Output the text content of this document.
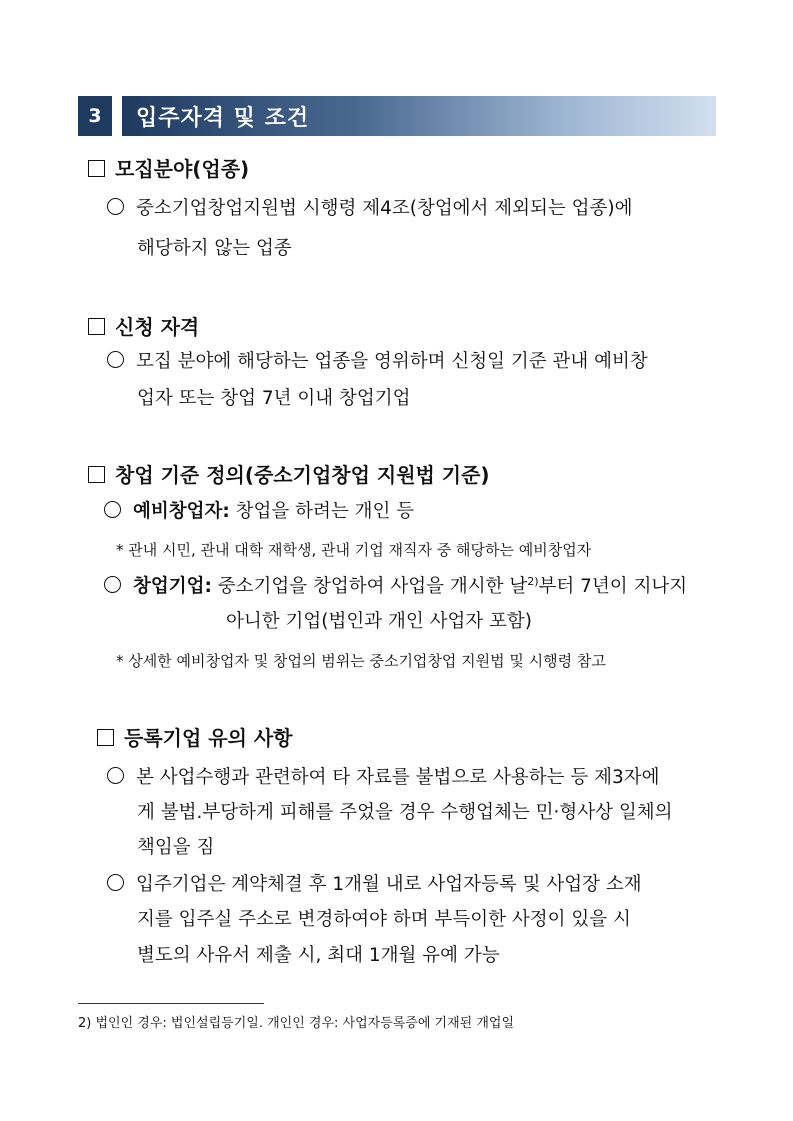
3	입주자격 및 조건
모집분야(업종)
중소기업창업지원법 시행령 제4조(창업에서 제외되는 업종)에
해당하지 않는 업종
신청 자격
모집 분야에 해당하는 업종을 영위하며 신청일 기준 관내 예비창
업자 또는 창업 7년 이내 창업기업
창업 기준 정의(중소기업창업 지원법 기준)
예비창업자: 창업을 하려는 개인 등
* 관내 시민, 관내 대학 재학생, 관내 기업 재직자 중 해당하는 예비창업자
창업기업: 중소기업을 창업하여 사업을 개시한 날$^{2)}$부터 7년이 지나지
아니한 기업(법인과 개인 사업자 포함)
* 상세한 예비창업자 및 창업의 범위는 중소기업창업 지원법 및 시행령 참고
등록기업 유의 사항
본 사업수행과 관련하여 타 자료를 불법으로 사용하는 등 제3자에
게 불법.부당하게 피해를 주었을 경우 수행업체는 민·형사상 일체의
책임을 짐
입주기업은 계약체결 후 1개월 내로 사업자등록 및 사업장 소재
지를 입주실 주소로 변경하여야 하며 부득이한 사정이 있을 시
별도의 사유서 제출 시, 최대 1개월 유예 가능
2) 법인인 경우: 법인설립등기일. 개인인 경우: 사업자등록증에 기재된 개업일
